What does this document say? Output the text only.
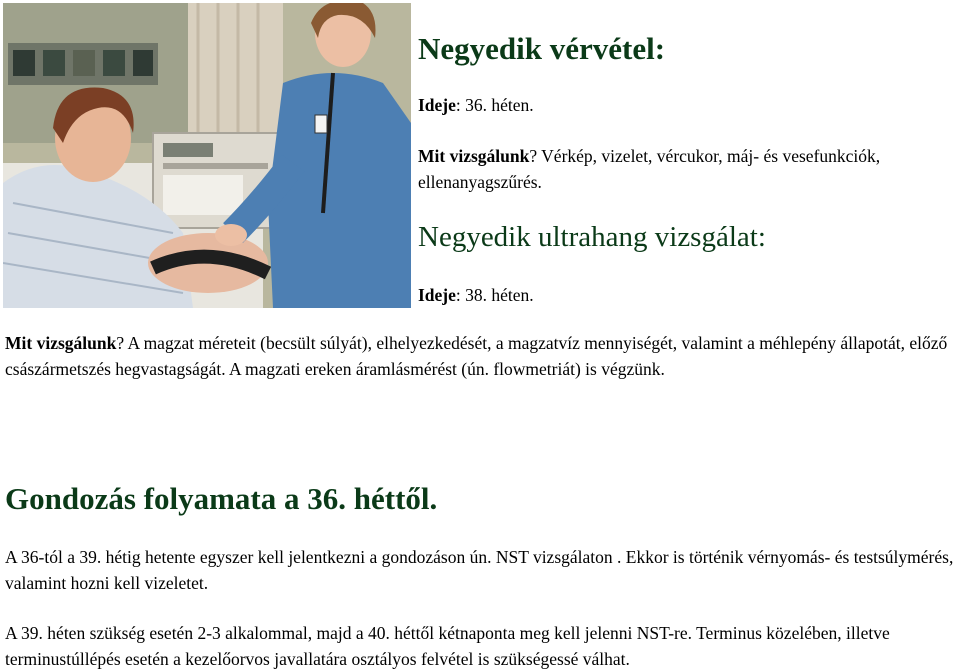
Negyedik vérvétel:

Ideje: 36. héten.

Mit vizsgálunk? Vérkép, vizelet, vércukor, máj- és vesefunkciók, ellenanyagszűrés.

Negyedik ultrahang vizsgálat:

Ideje: 38. héten.

Mit vizsgálunk? A magzat méreteit (becsült súlyát), elhelyezkedését, a magzatvíz mennyiségét, valamint a méhlepény állapotát, előző császármetszés hegvastagságát. A magzati ereken áramlásmérést (ún. flowmetriát) is végzünk.

Gondozás folyamata a 36. héttől.

A 36-tól a 39. hétig hetente egyszer kell jelentkezni a gondozáson ún. NST vizsgálaton . Ekkor is történik vérnyomás- és testsúlymérés, valamint hozni kell vizeletet.

A 39. héten szükség esetén 2-3 alkalommal, majd a 40. héttől kétnaponta meg kell jelenni NST-re. Terminus közelében, illetve terminustúllépés esetén a kezelőorvos javallatára osztályos felvétel is szükségessé válhat.
